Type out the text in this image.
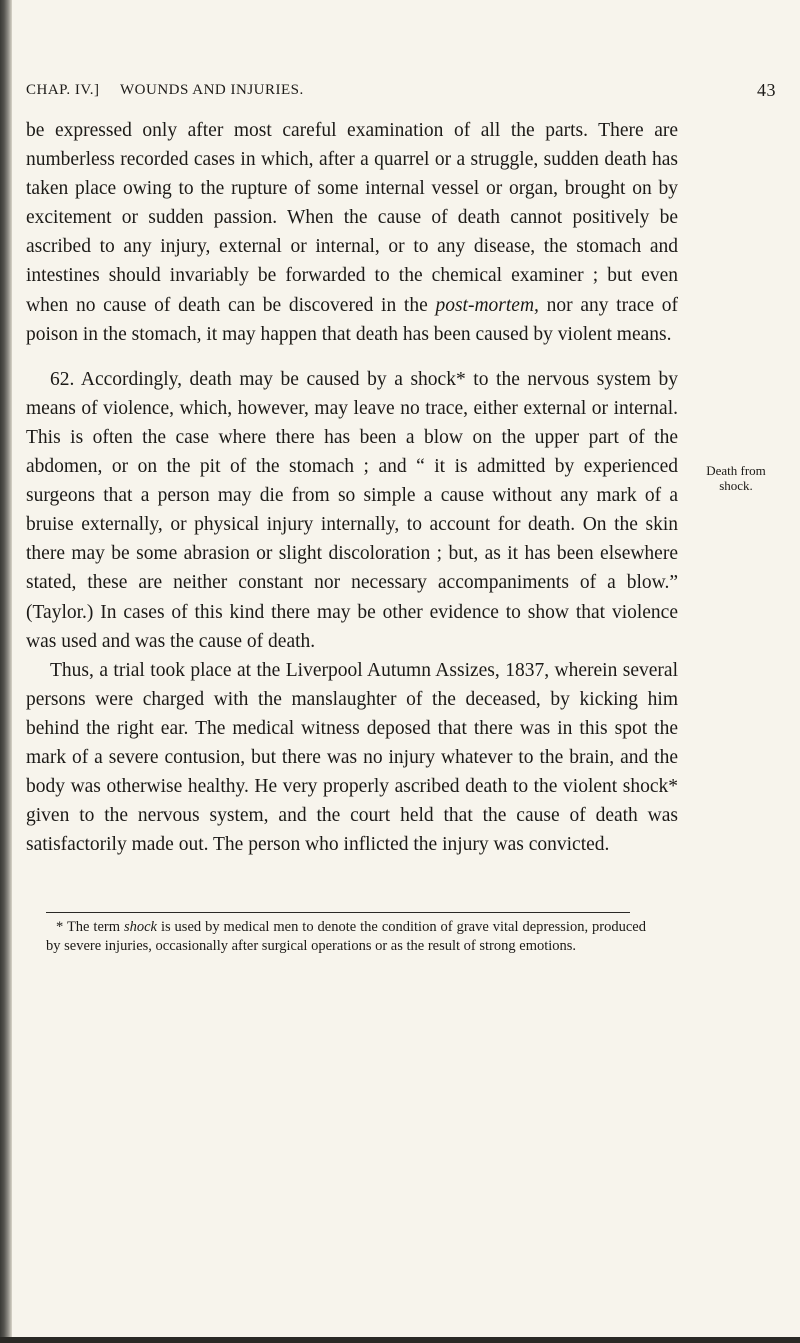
CHAP. IV.] WOUNDS AND INJURIES.	43

be expressed only after most careful examination of all the parts. There are numberless recorded cases in which, after a quarrel or a struggle, sudden death has taken place owing to the rupture of some internal vessel or organ, brought on by excitement or sudden passion. When the cause of death cannot positively be ascribed to any injury, external or internal, or to any disease, the stomach and intestines should invariably be forwarded to the chemical examiner ; but even when no cause of death can be discovered in the post-mortem, nor any trace of poison in the stomach, it may happen that death has been caused by violent means.

62. Accordingly, death may be caused by a shock* to the nervous system by means of violence, which, however, may leave no trace, either external or internal. This is often the case where there has been a blow on the upper part of the abdomen, or on the pit of the stomach ; and “ it is admitted by experienced surgeons that a person may die from so simple a cause without any mark of a bruise externally, or physical injury internally, to account for death. On the skin there may be some abrasion or slight discoloration ; but, as it has been elsewhere stated, these are neither constant nor necessary accompaniments of a blow.” (Taylor.) In cases of this kind there may be other evidence to show that violence was used and was the cause of death.

Thus, a trial took place at the Liverpool Autumn Assizes, 1837, wherein several persons were charged with the manslaughter of the deceased, by kicking him behind the right ear. The medical witness deposed that there was in this spot the mark of a severe contusion, but there was no injury whatever to the brain, and the body was otherwise healthy. He very properly ascribed death to the violent shock* given to the nervous system, and the court held that the cause of death was satisfactorily made out. The person who inflicted the injury was convicted.

Death from shock.
* The term shock is used by medical men to denote the condition of grave vital depression, produced by severe injuries, occasionally after surgical operations or as the result of strong emotions.
